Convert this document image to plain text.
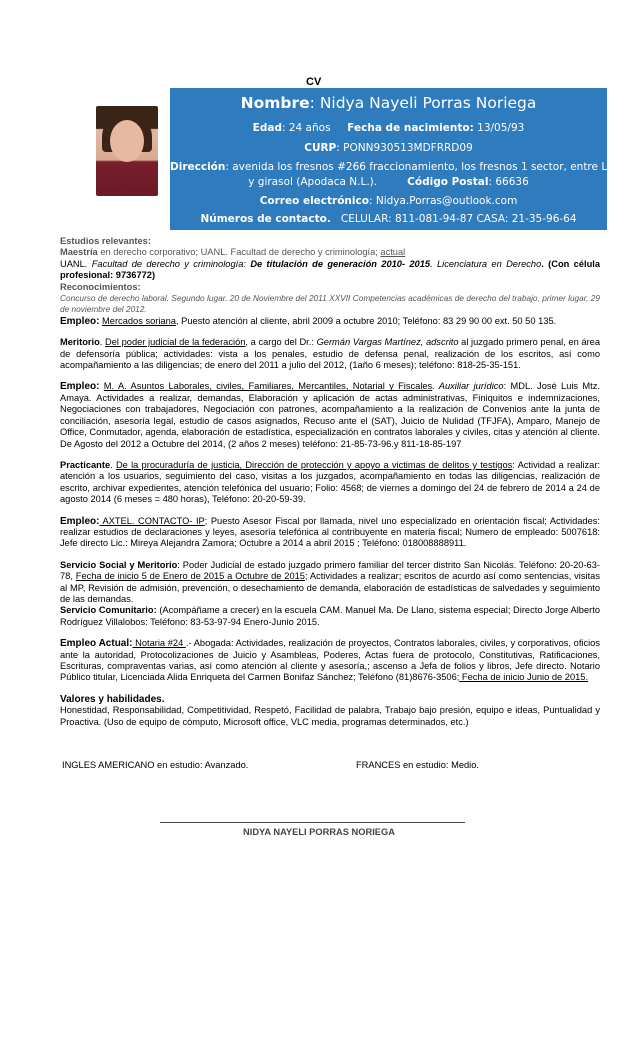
CV
Nombre: Nidya Nayeli Porras Noriega
Edad: 24 años Fecha de nacimiento: 13/05/93
CURP: PONN930513MDFRRD09
Dirección: avenida los fresnos #266 fraccionamiento, los fresnos 1 sector, entre Lilas
y girasol (Apodaca N.L.).	Código Postal: 66636
Correo electrónico: Nidya.Porras@outlook.com
Números de contacto. CELULAR: 811-081-94-87 CASA: 21-35-96-64

Estudios relevantes:
Maestría en derecho corporativo; UANL. Facultad de derecho y criminología; actual
UANL. Facultad de derecho y criminología: De titulación de generación 2010- 2015. Licenciatura en Derecho. (Con célula profesional: 9736772)

Reconocimientos:
Concurso de derecho laboral. Segundo lugar. 20 de Noviembre del 2011 XXVII Competencias académicas de derecho del trabajo, primer lugar, 29 de noviembre del 2012.

Empleo: Mercados soriana, Puesto atención al cliente, abril 2009 a octubre 2010; Teléfono: 83 29 90 00 ext. 50 50 135.

Meritorio. Del poder judicial de la federación, a cargo del Dr.: Germán Vargas Martínez, adscrito al juzgado primero penal, en área de defensoría pública; actividades: vista a los penales, estudio de defensa penal, realización de los escritos, así como acompañamiento a las diligencias; de enero del 2011 a julio del 2012, (1año 6 meses); teléfono: 818-25-35-151.

Empleo: M. A. Asuntos Laborales, civiles, Familiares, Mercantiles, Notarial y Fiscales. Auxiliar jurídico: MDL. José Luis Mtz. Amaya. Actividades a realizar, demandas, Elaboración y aplicación de actas administrativas, Finiquitos e indemnizaciones, Negociaciones con trabajadores, Negociación con patrones, acompañamiento a la realización de Convenios ante la junta de conciliación, asesoría legal, estudio de casos asignados, Recuso ante el (SAT), Juicio de Nulidad (TFJFA), Amparo, Manejo de Office, Conmutador, agenda, elaboración de estadística, especialización en contratos laborales y civiles, citas y atención al cliente. De Agosto del 2012 a Octubre del 2014, (2 años 2 meses) teléfono: 21-85-73-96.y 811-18-85-197

Practicante. De la procuraduría de justicia, Dirección de protección y apoyo a victimas de delitos y testigos: Actividad a realizar: atención a los usuarios, seguimiento del caso, visitas a los juzgados, acompañamiento en todas las diligencias, realización de escrito, archivar expedientes, atención telefónica del usuario; Folio: 4568; de viernes a domingo del 24 de febrero de 2014 a 24 de agosto 2014 (6 meses = 480 horas), Teléfono: 20-20-59-39.

Empleo: AXTEL. CONTACTO- IP; Puesto Asesor Fiscal por llamada, nivel uno especializado en orientación fiscal; Actividades: realizar estudios de declaraciones y leyes, asesoría telefónica al contribuyente en materia fiscal; Numero de empleado: 5007618: Jefe directo Lic.: Mireya Alejandra Zamora; Octubre a 2014 a abril 2015 ; Teléfono: 018008888911.

Servicio Social y Meritorio: Poder Judicial de estado juzgado primero familiar del tercer distrito San Nicolás. Teléfono: 20-20-63-78, Fecha de inicio 5 de Enero de 2015 a Octubre de 2015; Actividades a realizar; escritos de acurdo así como sentencias, visitas al MP, Revisión de admisión, prevención, o desechamiento de demanda, elaboración de estadísticas de salvedades y seguimiento de las demandas.

Servicio Comunitario: (Acompáñame a crecer) en la escuela CAM. Manuel Ma. De Llano, sistema especial; Directo Jorge Alberto Rodríguez Villalobos: Teléfono: 83-53-97-94 Enero-Junio 2015.

Empleo Actual: Notaria #24 .- Abogada: Actividades, realización de proyectos, Contratos laborales, civiles, y corporativos, oficios ante la autoridad, Protocolizaciones de Juicio y Asambleas, Poderes, Actas fuera de protocolo, Constitutivas, Ratificaciones, Escrituras, compraventas varias, así como atención al cliente y asesoría,; ascenso a Jefa de folios y libros, Jefe directo. Notario Público titular, Licenciada Alida Enriqueta del Carmen Bonifaz Sánchez; Teléfono (81)8676-3506; Fecha de inicio Junio de 2015.

Valores y habilidades.
Honestidad, Responsabilidad, Competitividad, Respetó, Facilidad de palabra, Trabajo bajo presión, equipo e ideas, Puntualidad y Proactiva. (Uso de equipo de cómputo, Microsoft office, VLC media, programas determinados, etc.)

INGLES AMERICANO en estudio: Avanzado.	FRANCES en estudio: Medio.
NIDYA NAYELI PORRAS NORIEGA
